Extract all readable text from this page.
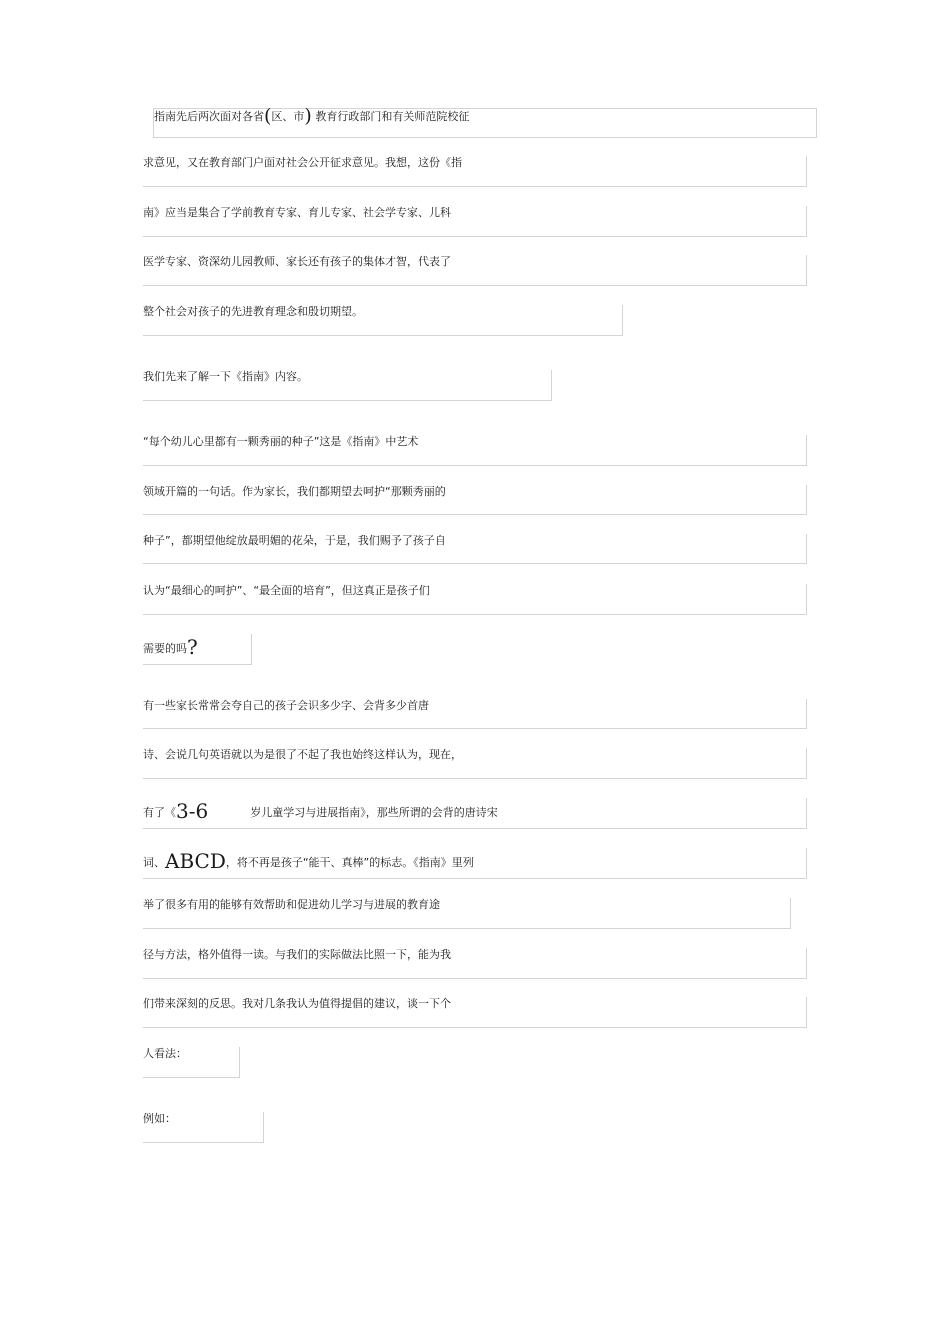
指南先后两次面对各省(区、市) 教育行政部门和有关师范院校征
求意见，又在教育部门户面对社会公开征求意见。我想，这份《指
南》应当是集合了学前教育专家、育儿专家、社会学专家、儿科
医学专家、资深幼儿园教师、家长还有孩子的集体才智，代表了
整个社会对孩子的先进教育理念和殷切期望。
我们先来了解一下《指南》内容。
“每个幼儿心里都有一颗秀丽的种子”这是《指南》中艺术
领域开篇的一句话。作为家长，我们都期望去呵护“那颗秀丽的
种子”，都期望他绽放最明媚的花朵，于是，我们赐予了孩子自
认为“最细心的呵护”、“最全面的培育”，但这真正是孩子们
需要的吗?
有一些家长常常会夸自己的孩子会识多少字、会背多少首唐
诗、会说几句英语就以为是很了不起了我也始终这样认为，现在，
有了《3-6	岁儿童学习与进展指南》，那些所谓的会背的唐诗宋
词、ABCD，将不再是孩子“能干、真棒”的标志。《指南》里列
举了很多有用的能够有效帮助和促进幼儿学习与进展的教育途
径与方法，格外值得一读。与我们的实际做法比照一下，能为我
们带来深刻的反思。我对几条我认为值得提倡的建议，谈一下个
人看法：
例如：
